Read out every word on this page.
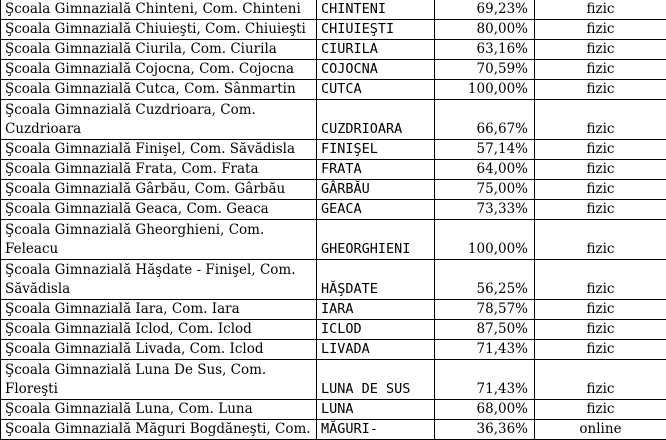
Şcoala Gimnazială Chinteni, Com. Chinteni	CHINTENI	69,23%	fizic
Şcoala Gimnazială Chiuieşti, Com. Chiuieşti	CHIUIEŞTI	80,00%	fizic
Şcoala Gimnazială Ciurila, Com. Ciurila	CIURILA	63,16%	fizic
Şcoala Gimnazială Cojocna, Com. Cojocna	COJOCNA	70,59%	fizic
Şcoala Gimnazială Cutca, Com. Sânmartin	CUTCA	100,00%	fizic
Şcoala Gimnazială Cuzdrioara, Com. Cuzdrioara	CUZDRIOARA	66,67%	fizic
Şcoala Gimnazială Finişel, Com. Săvădisla	FINIŞEL	57,14%	fizic
Şcoala Gimnazială Frata, Com. Frata	FRATA	64,00%	fizic
Şcoala Gimnazială Gârbău, Com. Gârbău	GÂRBĂU	75,00%	fizic
Şcoala Gimnazială Geaca, Com. Geaca	GEACA	73,33%	fizic
Şcoala Gimnazială Gheorghieni, Com. Feleacu	GHEORGHIENI	100,00%	fizic
Şcoala Gimnazială Hăşdate - Finişel, Com. Săvădisla	HĂŞDATE	56,25%	fizic
Şcoala Gimnazială Iara, Com. Iara	IARA	78,57%	fizic
Şcoala Gimnazială Iclod, Com. Iclod	ICLOD	87,50%	fizic
Şcoala Gimnazială Livada, Com. Iclod	LIVADA	71,43%	fizic
Şcoala Gimnazială Luna De Sus, Com. Floreşti	LUNA DE SUS	71,43%	fizic
Şcoala Gimnazială Luna, Com. Luna	LUNA	68,00%	fizic
Şcoala Gimnazială Măguri Bogdăneşti, Com.	MĂGURI-	36,36%	online
